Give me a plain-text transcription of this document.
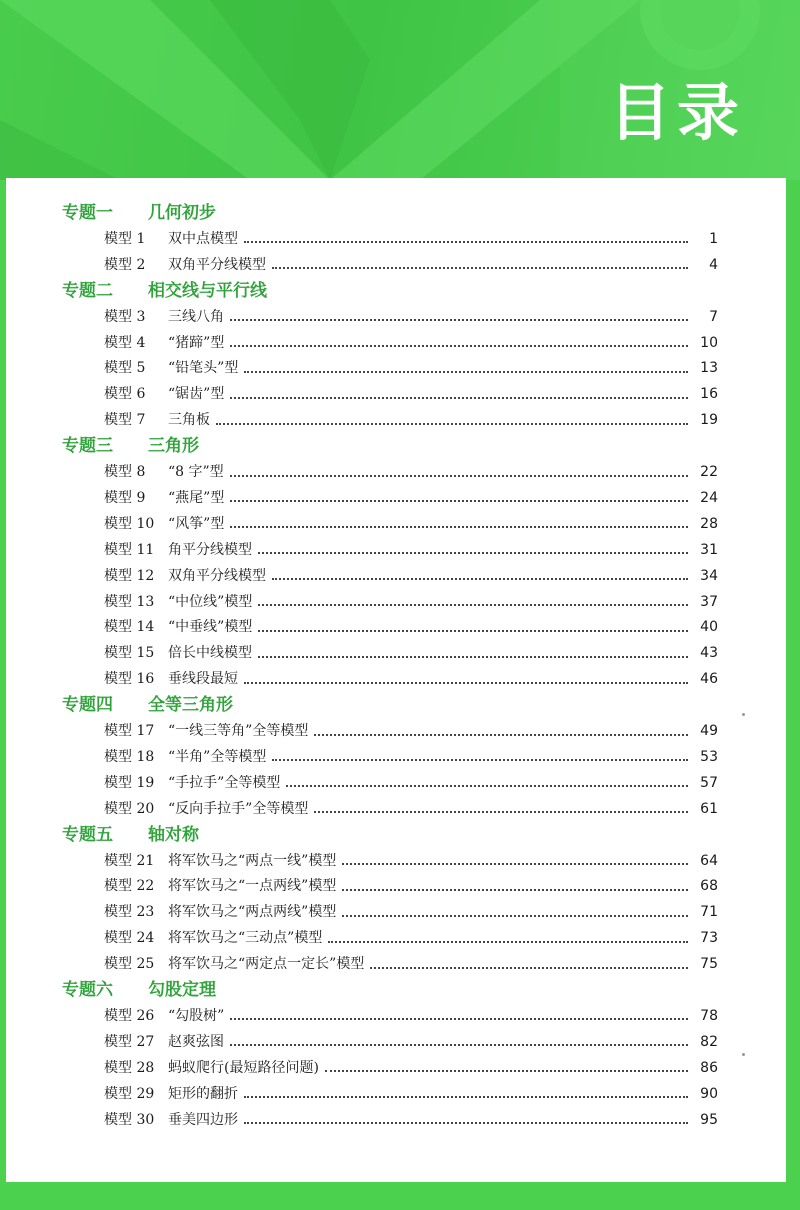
目录
专题一 几何初步
模型 1	双中点模型	1
模型 2	双角平分线模型	4
专题二 相交线与平行线
模型 3	三线八角	7
模型 4	“猪蹄”型	10
模型 5	“铅笔头”型	13
模型 6	“锯齿”型	16
模型 7	三角板	19
专题三 三角形
模型 8	“8 字”型	22
模型 9	“燕尾”型	24
模型 10 “风筝”型	28
模型 11 角平分线模型	31
模型 12 双角平分线模型	34
模型 13 “中位线”模型	37
模型 14 “中垂线”模型	40
模型 15 倍长中线模型	43
模型 16 垂线段最短	46
专题四 全等三角形
模型 17 “一线三等角”全等模型	49
模型 18 “半角”全等模型	53
模型 19 “手拉手”全等模型	57
模型 20 “反向手拉手”全等模型	61
专题五 轴对称
模型 21 将军饮马之“两点一线”模型	64
模型 22 将军饮马之“一点两线”模型	68
模型 23 将军饮马之“两点两线”模型	71
模型 24 将军饮马之“三动点”模型	73
模型 25 将军饮马之“两定点一定长”模型	75
专题六 勾股定理
模型 26 “勾股树”	78
模型 27 赵爽弦图	82
模型 28 蚂蚁爬行(最短路径问题)	86
模型 29 矩形的翻折	90
模型 30 垂美四边形	95
